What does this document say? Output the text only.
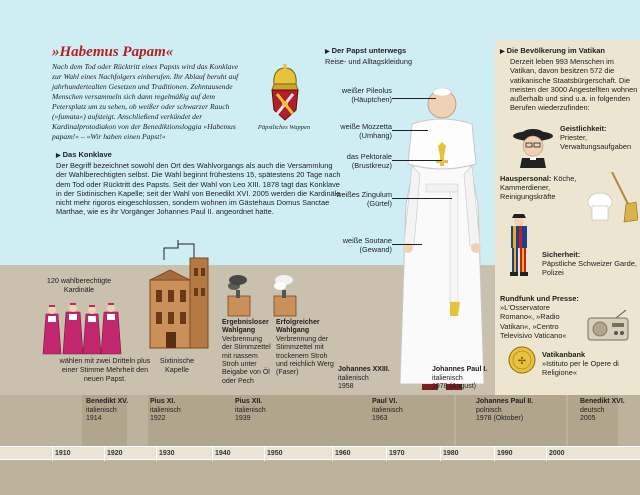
»Habemus Papam«
Nach dem Tod oder Rücktritt eines Papsts wird das Konklave zur Wahl eines Nachfolgers einberufen. Ihr Ablauf beruht auf jahrhundertealten Gesetzen und Traditionen. Zehntausende Menschen versammeln sich dann regelmäßig auf dem Petersplatz um zu sehen, ob weißer oder schwarzer Rauch (»fumata«) aufsteigt. Anschließend verkündet der Kardinalprotodiakon von der Benediktionsloggia »Habemus papam!« – »Wir haben einen Papst!«
Päpstliches Wappen
▶ Das Konklave
Der Begriff bezeichnet sowohl den Ort des Wahlvorgangs als auch die Versammlung der Wahlberechtigten selbst. Die Wahl beginnt frühestens 15, spätestens 20 Tage nach dem Tod oder Rücktritt des Papsts. Seit der Wahl von Leo XIII. 1878 tagt das Konklave in der Sixtinischen Kapelle; seit der Wahl von Benedikt XVI. 2005 werden die Kardinäle nicht mehr rigoros eingeschlossen, sondern wohnen im Gästehaus Domus Sanctae Marthae, wie es ihr Vorgänger Johannes Paul II. angeordnet hatte.
120 wahlberechtigte Kardinäle
wählen mit zwei Dritteln plus einer Stimme Mehrheit den neuen Papst.
Sixtinische Kapelle
Ergebnisloser Wahlgang
Verbrennung der Stimmzettel mit nassem Stroh unter Beigabe von Öl oder Pech
Erfolgreicher Wahlgang
Verbrennung der Stimmzettel mit trockenem Stroh und reichlich Werg (Faser)
▶ Der Papst unterwegs
Reise- und Alltagskleidung
weißer Pileolus (Häuptchen)
weiße Mozzetta (Umhang)
das Pektorale (Brustkreuz)
weißes Zingulum (Gürtel)
weiße Soutane (Gewand)
▶ Die Bevölkerung im Vatikan
Derzeit leben 993 Menschen im Vatikan, davon besitzen 572 die vatikanische Staatsbürgerschaft. Die meisten der 3000 Angestellten wohnen außerhalb und sind u.a. in folgenden Berufen wiederzufinden:
Geistlichkeit:
Priester, Verwaltungsaufgaben
Hauspersonal: Köche, Kammerdiener, Reinigungskräfte
Sicherheit:
Päpstliche Schweizer Garde, Polizei
Rundfunk und Presse:
»L'Osservatore Romano«, »Radio Vatikan«, »Centro Televisivo Vaticano«
✢
Vatikanbank
»Istituto per le Opere di Religione«
Johannes XXIII.
italienisch
1958
Johannes Paul I.
italienisch
1978 (August)
Benedikt XV.
italienisch
1914
Pius XI.
italienisch
1922
Pius XII.
italienisch
1939
Paul VI.
italienisch
1963
Johannes Paul II.
polnisch
1978 (Oktober)
Benedikt XVI.
deutsch
2005
1910	1920	1930	1940	1950	1960	1970	1980	1990	2000
